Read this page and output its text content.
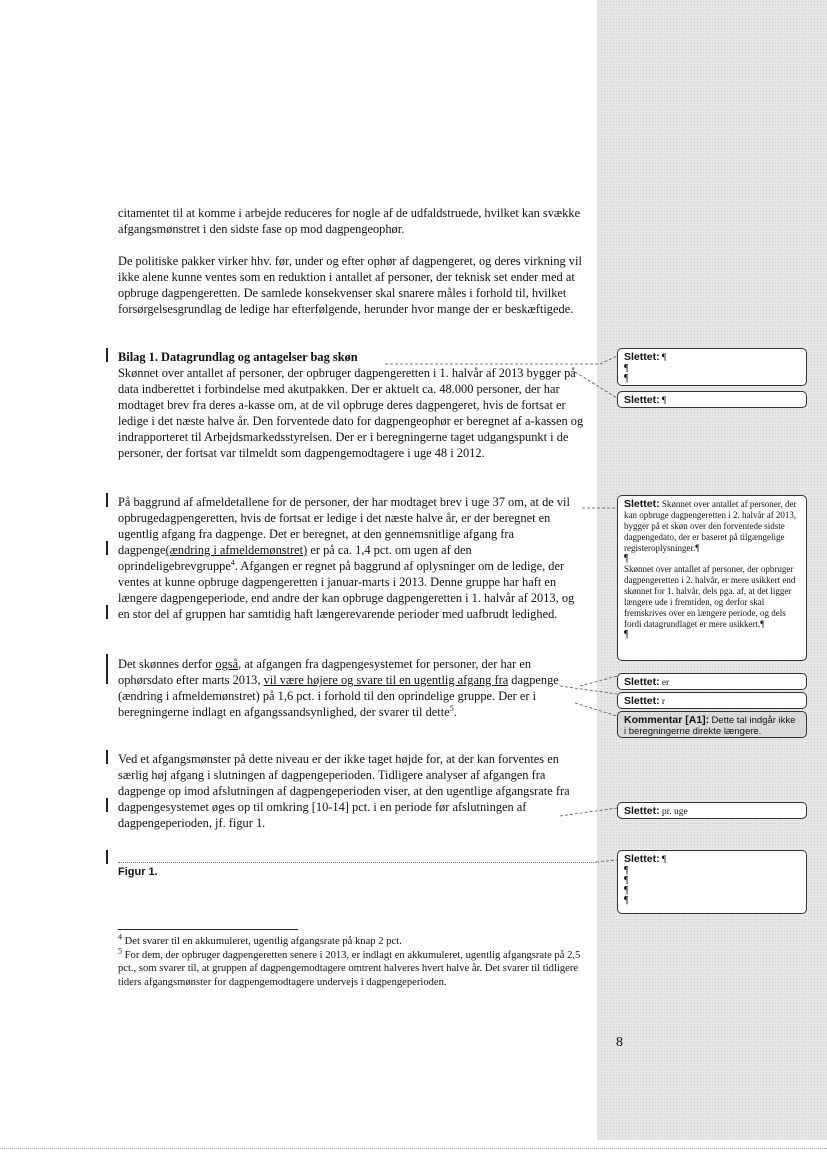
citamentet til at komme i arbejde reduceres for nogle af de udfaldstruede, hvilket kan svække afgangsmønstret i den sidste fase op mod dagpengeophør.

De politiske pakker virker hhv. før, under og efter ophør af dagpengeret, og deres virkning vil ikke alene kunne ventes som en reduktion i antallet af personer, der teknisk set ender med at opbruge dagpengeretten. De samlede konsekvenser skal snarere måles i forhold til, hvilket forsørgelsesgrundlag de ledige har efterfølgende, herunder hvor mange der er beskæftigede.

Bilag 1. Datagrundlag og antagelser bag skøn

Skønnet over antallet af personer, der opbruger dagpengeretten i 1. halvår af 2013 bygger på data indberettet i forbindelse med akutpakken. Der er aktuelt ca. 48.000 personer, der har modtaget brev fra deres a-kasse om, at de vil opbruge deres dagpengeret, hvis de fortsat er ledige i det næste halve år. Den forventede dato for dagpengeophør er beregnet af a-kassen og indrapporteret til Arbejdsmarkedsstyrelsen. Der er i beregningerne taget udgangspunkt i de personer, der fortsat var tilmeldt som dagpengemodtagere i uge 48 i 2012.

På baggrund af afmeldetallene for de personer, der har modtaget brev i uge 37 om, at de vil opbrugedagpengeretten, hvis de fortsat er ledige i det næste halve år, er der beregnet en ugentlig afgang fra dagpenge. Det er beregnet, at den gennemsnitlige afgang fra dagpenge(ændring i afmeldemønstret) er på ca. 1,4 pct. om ugen af den oprindeligebrevgruppe$^4$. Afgangen er regnet på baggrund af oplysninger om de ledige, der ventes at kunne opbruge dagpengeretten i januar-marts i 2013. Denne gruppe har haft en længere dagpengeperiode, end andre der kan opbruge dagpengeretten i 1. halvår af 2013, og en stor del af gruppen har samtidig haft længerevarende perioder med uafbrudt ledighed.

Det skønnes derfor også, at afgangen fra dagpengesystemet for personer, der har en ophørsdato efter marts 2013, vil være højere og svare til en ugentlig afgang fra dagpenge (ændring i afmeldemønstret) på 1,6 pct. i forhold til den oprindelige gruppe. Der er i beregningerne indlagt en afgangssandsynlighed, der svarer til dette$^5$.

Ved et afgangsmønster på dette niveau er der ikke taget højde for, at der kan forventes en særlig høj afgang i slutningen af dagpengeperioden. Tidligere analyser af afgangen fra dagpenge op imod afslutningen af dagpengeperioden viser, at den ugentlige afgangsrate fra dagpengesystemet øges op til omkring [10-14] pct. i en periode før afslutningen af dagpengeperioden, jf. figur 1.

Figur 1.

$^4$ Det svarer til en akkumuleret, ugentlig afgangsrate på knap 2 pct.

$^5$ For dem, der opbruger dagpengeretten senere i 2013, er indlagt en akkumuleret, ugentlig afgangsrate på 2,5 pct., som svarer til, at gruppen af dagpengemodtagere omtrent halveres hvert halve år. Det svarer til tidligere tiders afgangsmønster for dagpengemodtagere undervejs i dagpengeperioden.

8
Slettet: ¶
¶
¶
Slettet: ¶
Slettet: Skønnet over antallet af personer, der kan opbruge dagpengeretten i 2. halvår af 2013, bygger på et skøn over den forventede sidste dagpengedato, der er baseret på tilgængelige registeroplysninger.¶
¶
Skønnet over antallet af personer, der opbruger dagpengeretten i 2. halvår, er mere usikkert end skønnet for 1. halvår, dels pga. af, at det ligger længere ude i fremtiden, og derfor skal fremskrives over en længere periode, og dels fordi datagrundlaget er mere usikkert.¶
¶
Slettet: er
Slettet: r
Kommentar [A1]: Dette tal indgår ikke i beregningerne direkte længere.
Slettet: pr. uge
Slettet: ¶
¶
¶
¶
¶
